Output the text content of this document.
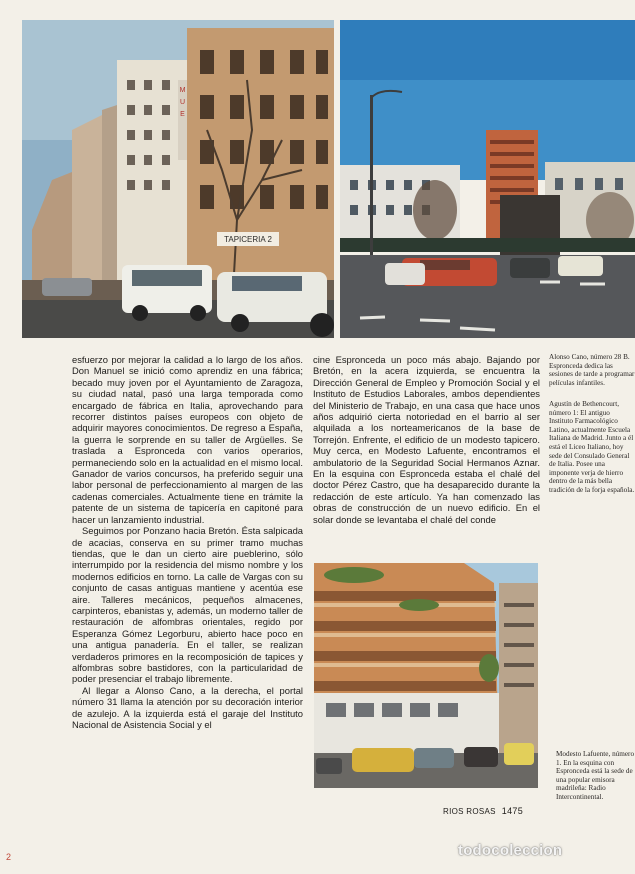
M
U
E
TAPICERIA 2

esfuerzo por mejorar la calidad a lo largo de los años. Don Manuel se inició como aprendiz en una fábrica; becado muy joven por el Ayuntamiento de Zaragoza, su ciudad natal, pasó una larga temporada como encargado de fábrica en Italia, aprovechando para recorrer distintos países europeos con objeto de adquirir mayores conocimientos. De regreso a España, la guerra le sorprende en su taller de Argüelles. Se traslada a Espronceda con varios operarios, permaneciendo solo en la actualidad en el mismo local. Ganador de varios concursos, ha preferido seguir una labor personal de perfeccionamiento al margen de las cadenas comerciales. Actualmente tiene en trámite la patente de un sistema de tapicería en capitoné para hacer un lanzamiento industrial.

Seguimos por Ponzano hacia Bretón. Ésta salpicada de acacias, conserva en su primer tramo muchas tiendas, que le dan un cierto aire pueblerino, sólo interrumpido por la residencia del mismo nombre y los modernos edificios en torno. La calle de Vargas con su conjunto de casas antiguas mantiene y acentúa ese aire. Talleres mecánicos, pequeños almacenes, carpinteros, ebanistas y, además, un moderno taller de restauración de alfombras orientales, regido por Esperanza Gómez Legorburu, abierto hace poco en una antigua panadería. En el taller, se realizan verdaderos primores en la recomposición de tapices y alfombras sobre bastidores, con la particularidad de poder presenciar el trabajo libremente.

Al llegar a Alonso Cano, a la derecha, el portal número 31 llama la atención por su decoración interior de azulejo. A la izquierda está el garaje del Instituto Nacional de Asistencia Social y el

cine Espronceda un poco más abajo. Bajando por Bretón, en la acera izquierda, se encuentra la Dirección General de Empleo y Promoción Social y el Instituto de Estudios Laborales, ambos dependientes del Ministerio de Trabajo, en una casa que hace unos años adquirió cierta notoriedad en el barrio al ser alquilada a los norteamericanos de la base de Torrejón. Enfrente, el edificio de un modesto tapicero. Muy cerca, en Modesto Lafuente, encontramos el ambulatorio de la Seguridad Social Hermanos Aznar. En la esquina con Espronceda estaba el chalé del doctor Pérez Castro, que ha desaparecido durante la redacción de este artículo. Ya han comenzado las obras de construcción de un nuevo edificio. En el solar donde se levantaba el chalé del conde

Alonso Cano, número 28 B. Espronceda dedica las sesiones de tarde a programar películas infantiles.
Agustín de Bethencourt, número 1: El antiguo Instituto Farmacológico Latino, actualmente Escuela Italiana de Madrid. Junto a él está el Liceo Italiano, hoy sede del Consulado General de Italia. Posee una imponente verja de hierro dentro de la más bella tradición de la forja española.
Modesto Lafuente, número 1. En la esquina con Espronceda está la sede de una popular emisora madrileña: Radio Intercontinental.
RIOS ROSAS 1475
todocoleccion
2
